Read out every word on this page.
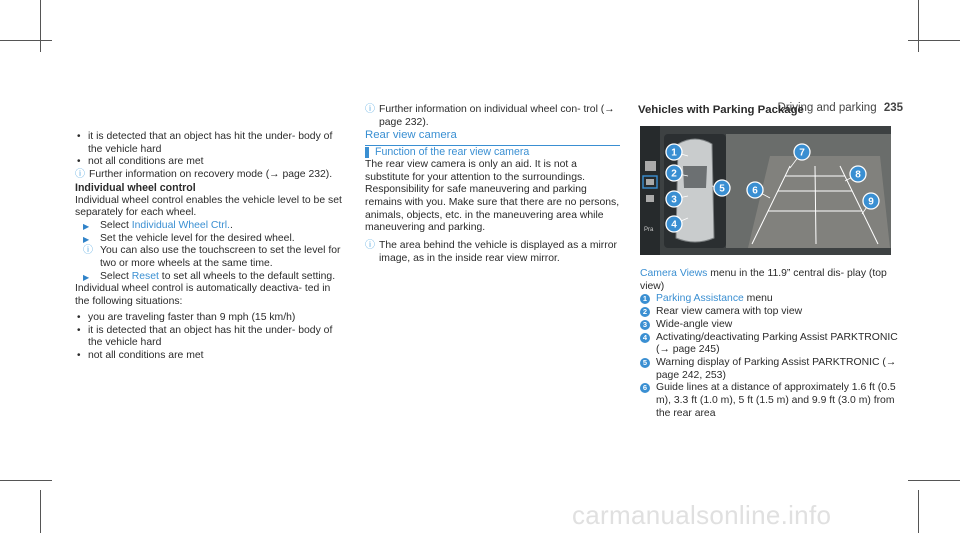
Driving and parking 235

• it is detected that an object has hit the under- body of the vehicle hard

• not all conditions are met

ⓘ Further information on recovery mode (→ page 232).

Individual wheel control

Individual wheel control enables the vehicle level to be set separately for each wheel.

▶ Select Individual Wheel Ctrl..

▶ Set the vehicle level for the desired wheel.

ⓘ You can also use the touchscreen to set the level for two or more wheels at the same time.

▶ Select Reset to set all wheels to the default setting.

Individual wheel control is automatically deactiva- ted in the following situations:

• you are traveling faster than 9 mph (15 km/h)

• it is detected that an object has hit the under- body of the vehicle hard

• not all conditions are met

ⓘ Further information on individual wheel con- trol (→ page 232).

Rear view camera

Function of the rear view camera

The rear view camera is only an aid. It is not a substitute for your attention to the surroundings. Responsibility for safe maneuvering and parking remains with you. Make sure that there are no persons, animals, objects, etc. in the maneuvering area while maneuvering and parking.

ⓘ The area behind the vehicle is displayed as a mirror image, as in the inside rear view mirror.

Vehicles with Parking Package
Pra
1
2
3
4
5	6
7
8
9

Camera Views menu in the 11.9” central dis- play (top view)

1 Parking Assistance menu

2 Rear view camera with top view

3 Wide-angle view

4 Activating/deactivating Parking Assist PARKTRONIC (→ page 245)

5 Warning display of Parking Assist PARKTRONIC (→ page 242, 253)

6 Guide lines at a distance of approximately 1.6 ft (0.5 m), 3.3 ft (1.0 m), 5 ft (1.5 m) and 9.9 ft (3.0 m) from the rear area

carmanualsonline.info
